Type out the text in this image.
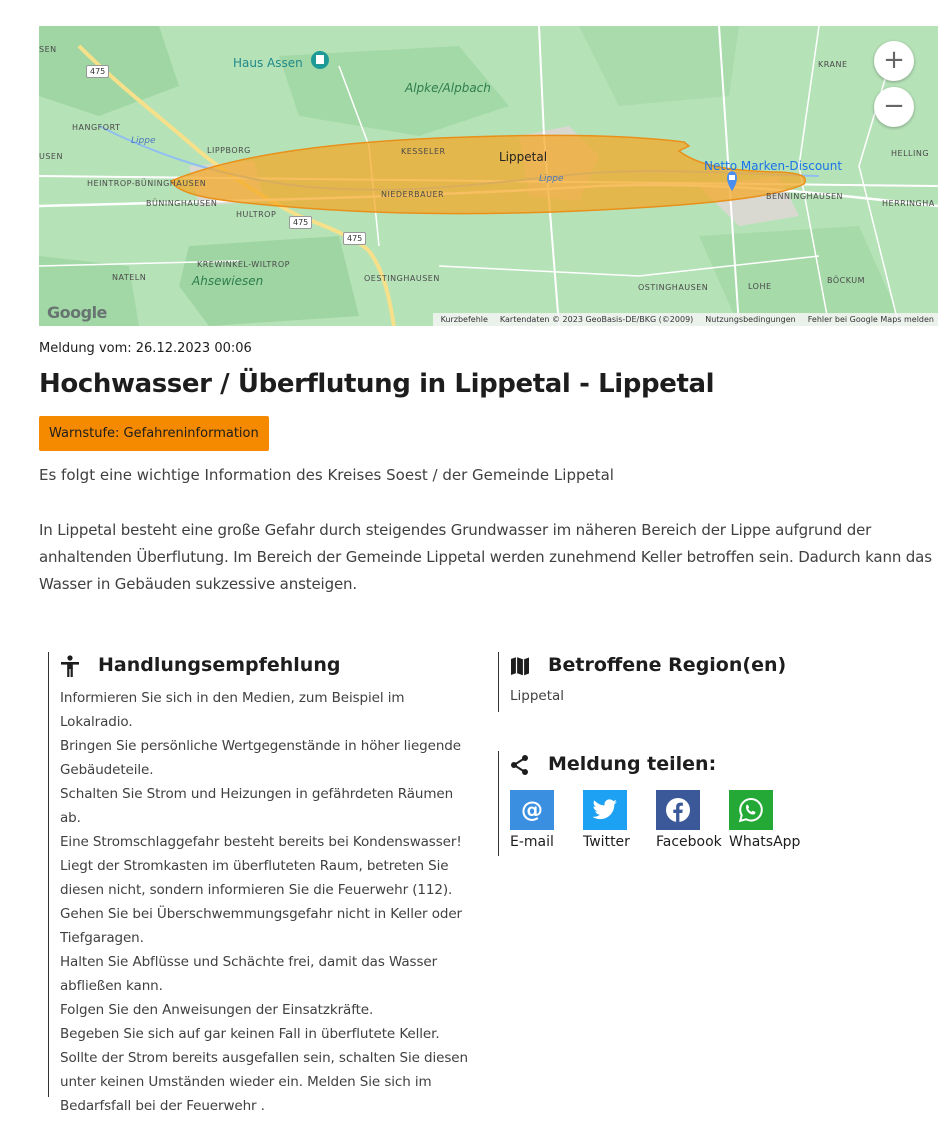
Haus Assen
Alpke/Alpbach
KRANE
SEN
HANGFORT
Lippe
LIPPBORG	KESSELER	Lippetal	HELLING
Netto Marken-Discount
USEN
Lippe
HEINTROP-BÜNINGHAUSEN
NIEDERBAUER
BÜNINGHAUSEN
BENNINGHAUSEN
HERRINGHA
HULTROP
KREWINKEL-WILTROP
NATELN	Ahsewiesen	OESTINGHAUSEN
OSTINGHAUSEN	LOHE
BÖCKUM
475
475
475
+
−
Google	Kurzbefehle Kartendaten © 2023 GeoBasis-DE/BKG (©2009) Nutzungsbedingungen Fehler bei Google Maps melden
Meldung vom: 26.12.2023 00:06
Hochwasser / Überflutung in Lippetal - Lippetal
Warnstufe: Gefahreninformation

Es folgt eine wichtige Information des Kreises Soest / der Gemeinde Lippetal

In Lippetal besteht eine große Gefahr durch steigendes Grundwasser im näheren Bereich der Lippe aufgrund der anhaltenden Überflutung. Im Bereich der Gemeinde Lippetal werden zunehmend Keller betroffen sein. Dadurch kann das Wasser in Gebäuden sukzessive ansteigen.

Handlungsempfehlung
Informieren Sie sich in den Medien, zum Beispiel im
Lokalradio.
Bringen Sie persönliche Wertgegenstände in höher liegende
Gebäudeteile.
Schalten Sie Strom und Heizungen in gefährdeten Räumen ab.
Eine Stromschlaggefahr besteht bereits bei Kondenswasser!
Liegt der Stromkasten im überfluteten Raum, betreten Sie
diesen nicht, sondern informieren Sie die Feuerwehr (112).
Gehen Sie bei Überschwemmungsgefahr nicht in Keller oder
Tiefgaragen.
Halten Sie Abflüsse und Schächte frei, damit das Wasser
abfließen kann.
Folgen Sie den Anweisungen der Einsatzkräfte.
Begeben Sie sich auf gar keinen Fall in überflutete Keller.
Sollte der Strom bereits ausgefallen sein, schalten Sie diesen
unter keinen Umständen wieder ein. Melden Sie sich im
Bedarfsfall bei der Feuerwehr .
Betroffene Region(en)
Lippetal
Meldung teilen:
@
E-mail Twitter Facebook WhatsApp
